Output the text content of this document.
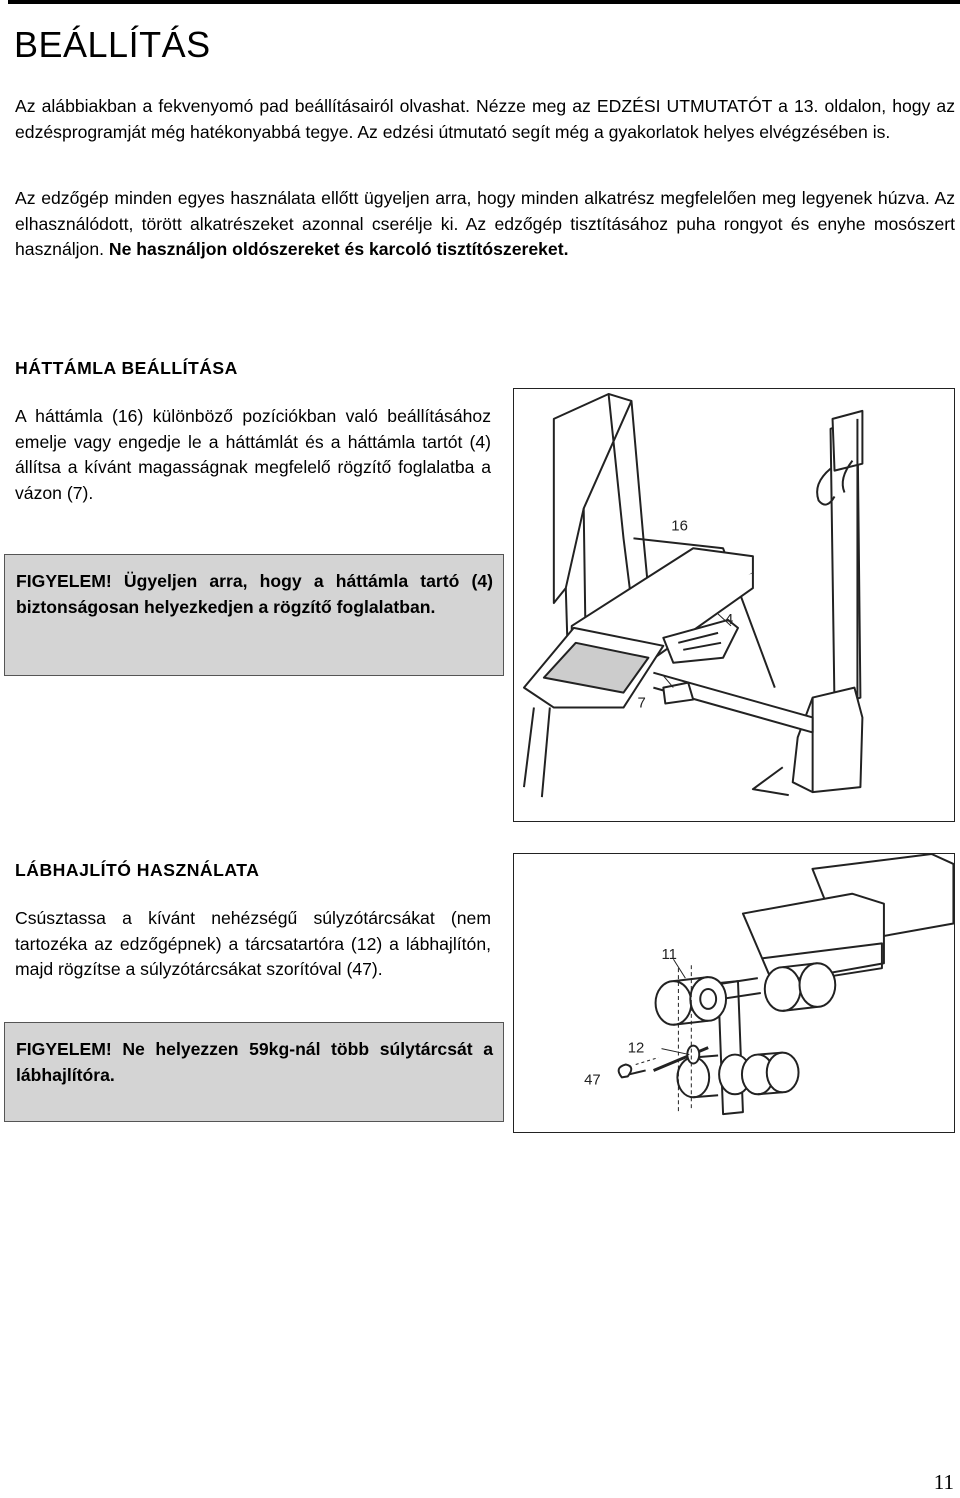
BEÁLLÍTÁS

Az alábbiakban a fekvenyomó pad beállításairól olvashat. Nézze meg az EDZÉSI UTMUTATÓT a 13. oldalon, hogy az edzésprogramját még hatékonyabbá tegye. Az edzési útmutató segít még a gyakorlatok helyes elvégzésében is.

Az edzőgép minden egyes használata ellőtt ügyeljen arra, hogy minden alkatrész megfelelően meg legyenek húzva. Az elhasználódott, törött alkatrészeket azonnal cserélje ki. Az edzőgép tisztításához puha rongyot és enyhe mosószert használjon. Ne használjon oldószereket és karcoló tisztítószereket.

HÁTTÁMLA BEÁLLÍTÁSA

A háttámla (16) különböző pozíciókban való beállításához emelje vagy engedje le a háttámlát és a háttámla tartót (4) állítsa a kívánt magasságnak megfelelő rögzítő foglalatba a vázon (7).

FIGYELEM! Ügyeljen arra, hogy a háttámla tartó (4) biztonságosan helyezkedjen a rögzítő foglalatban.
16
4
7
LÁBHAJLÍTÓ HASZNÁLATA

Csúsztassa a kívánt nehézségű súlyzótárcsákat (nem tartozéka az edzőgépnek) a tárcsatartóra (12) a lábhajlítón, majd rögzítse a súlyzótárcsákat szorítóval (47).

FIGYELEM! Ne helyezzen 59kg-nál több súlytárcsát a lábhajlítóra.
11
12
47
11
